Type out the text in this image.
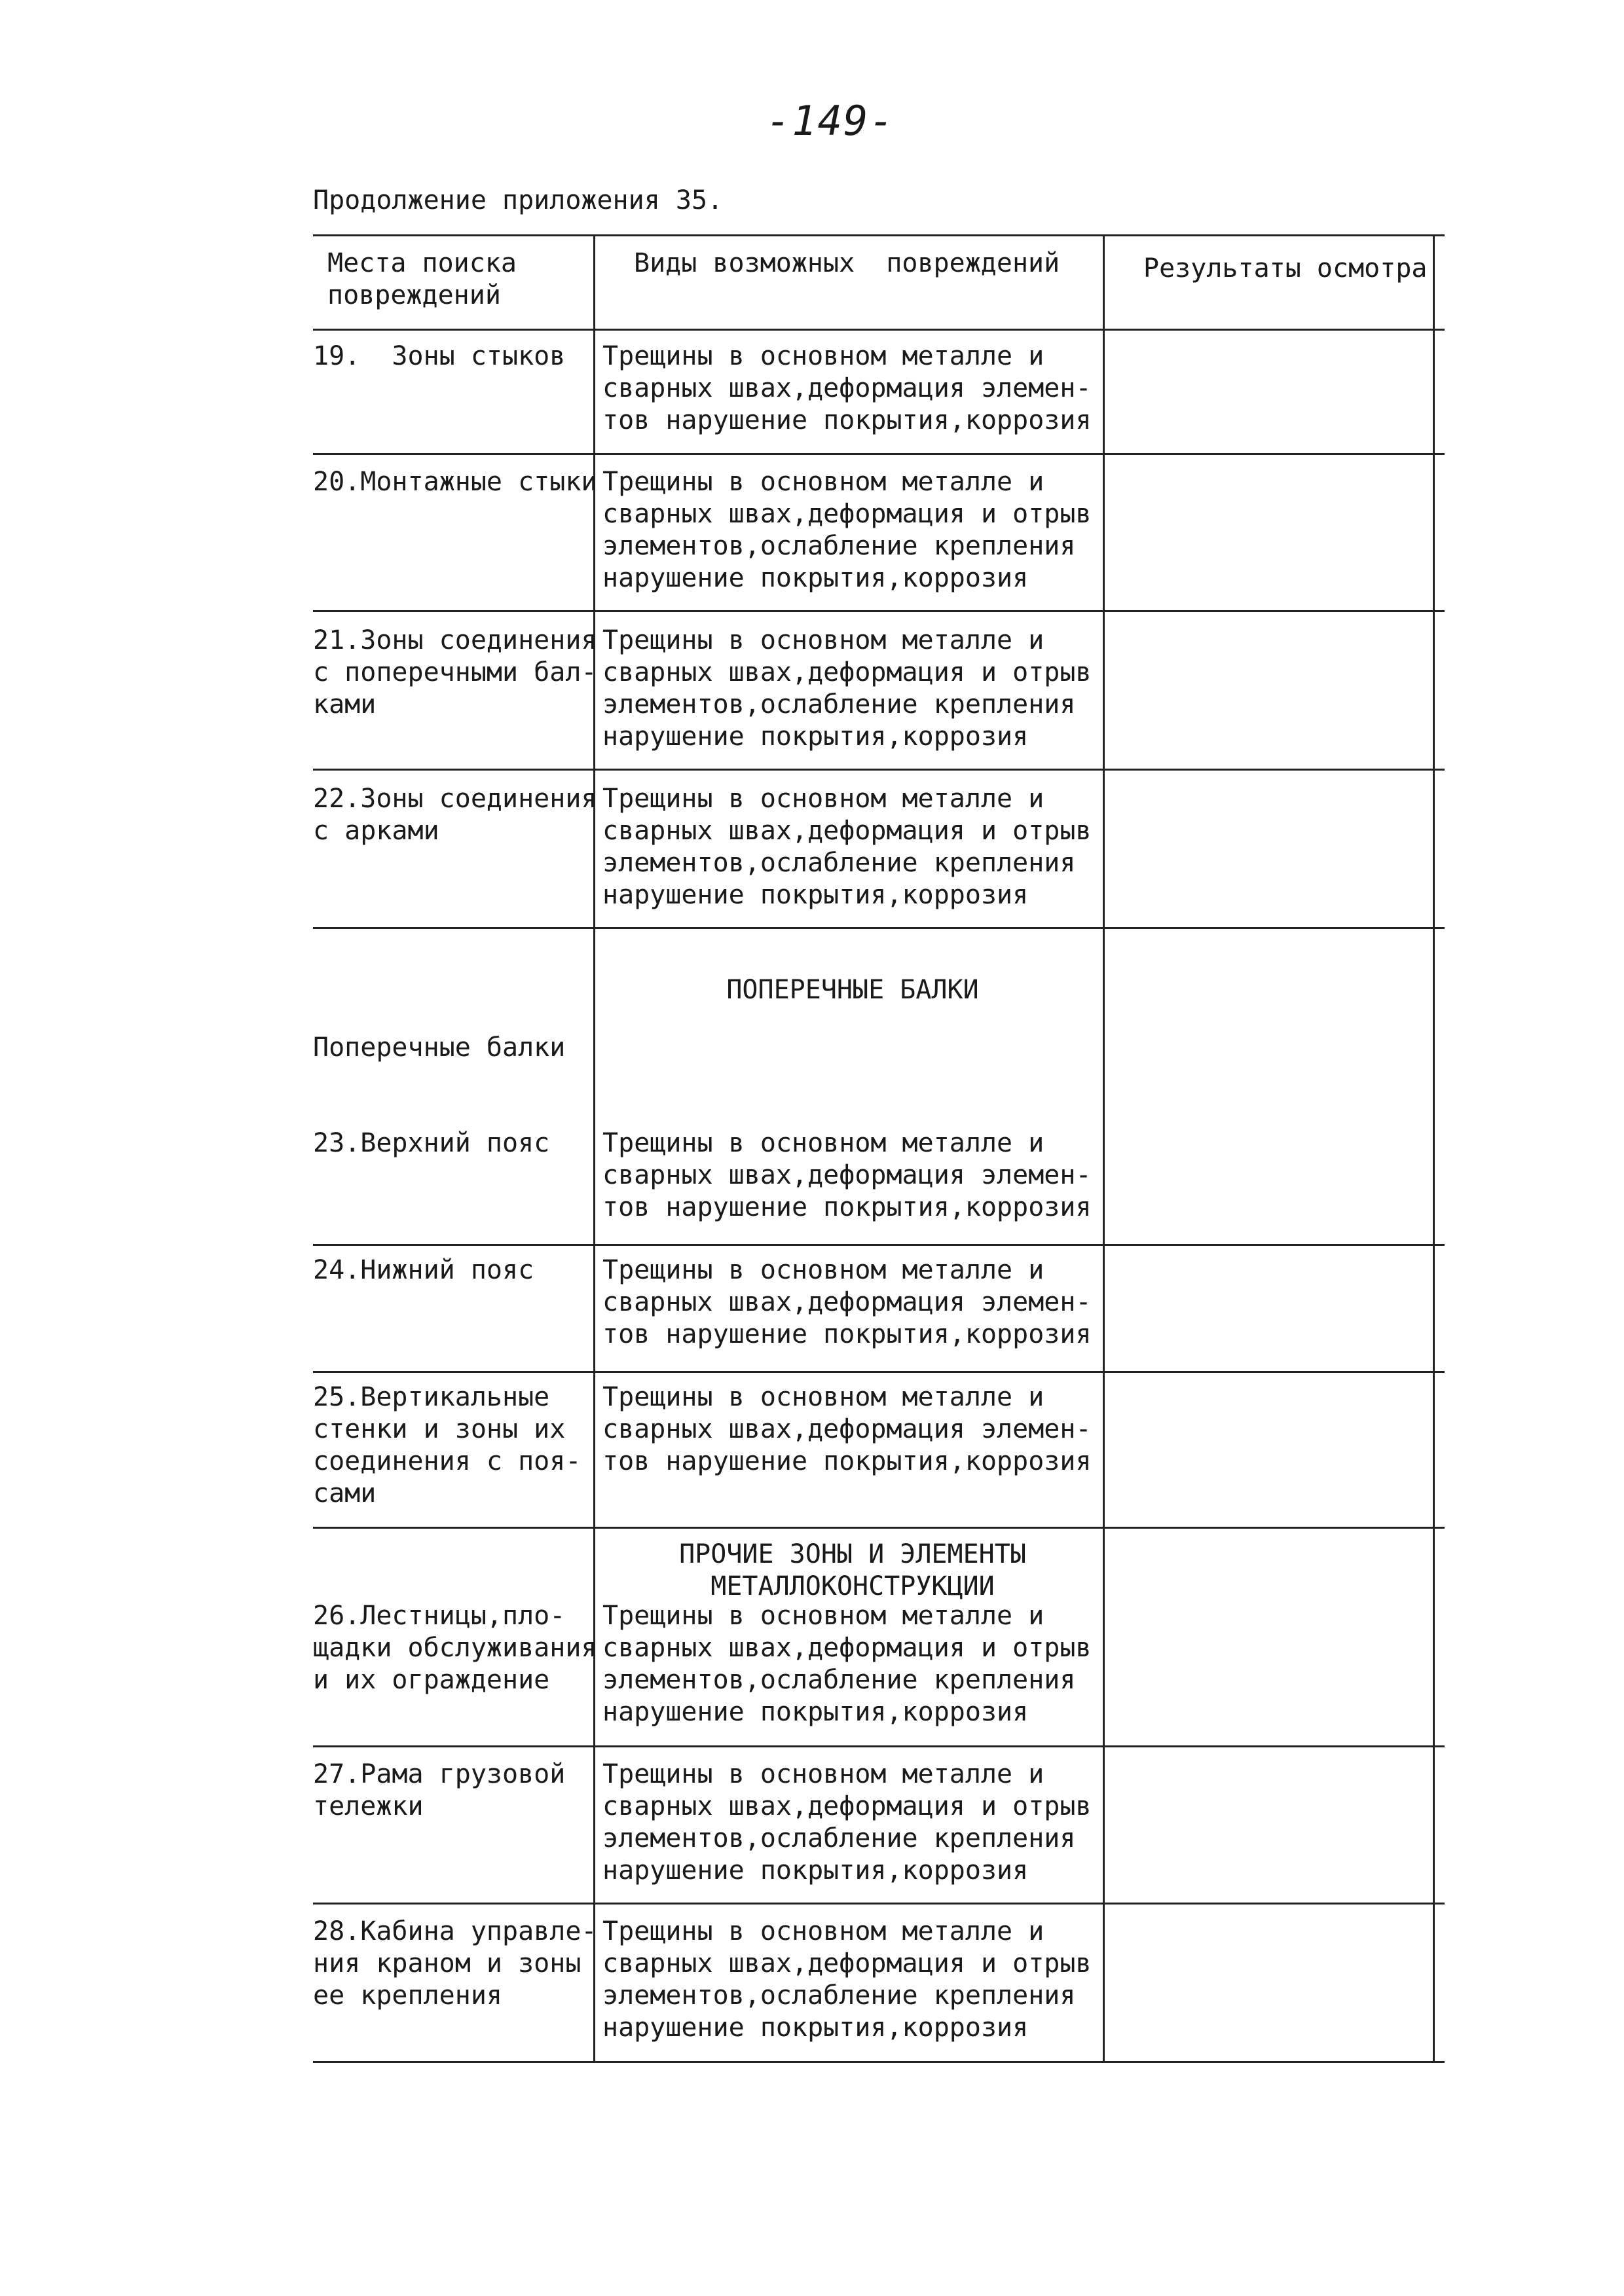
-149-
Продолжение приложения 35.
Места поиска
повреждений
Виды возможных  повреждений	Результаты осмотра
19.  Зоны стыков Трещины в основном металле и
сварных швах,деформация элемен-
тов нарушение покрытия,коррозия
20.Монтажные стыки Трещины в основном металле и
сварных швах,деформация и отрыв
элементов,ослабление крепления
нарушение покрытия,коррозия
21.Зоны соединения
с поперечными бал-
ками
Трещины в основном металле и
сварных швах,деформация и отрыв
элементов,ослабление крепления
нарушение покрытия,коррозия
22.Зоны соединения
с арками
Трещины в основном металле и
сварных швах,деформация и отрыв
элементов,ослабление крепления
нарушение покрытия,коррозия
ПОПЕРЕЧНЫЕ БАЛКИ
Поперечные балки
23.Верхний пояс Трещины в основном металле и
сварных швах,деформация элемен-
тов нарушение покрытия,коррозия
24.Нижний пояс	Трещины в основном металле и
сварных швах,деформация элемен-
тов нарушение покрытия,коррозия
25.Вертикальные
стенки и зоны их
соединения с поя-
сами
Трещины в основном металле и
сварных швах,деформация элемен-
тов нарушение покрытия,коррозия
ПРОЧИЕ ЗОНЫ И ЭЛЕМЕНТЫ
МЕТАЛЛОКОНСТРУКЦИИ
26.Лестницы,пло-
щадки обслуживания
и их ограждение
Трещины в основном металле и
сварных швах,деформация и отрыв
элементов,ослабление крепления
нарушение покрытия,коррозия
27.Рама грузовой
тележки
Трещины в основном металле и
сварных швах,деформация и отрыв
элементов,ослабление крепления
нарушение покрытия,коррозия
28.Кабина управле-
ния краном и зоны
ее крепления
Трещины в основном металле и
сварных швах,деформация и отрыв
элементов,ослабление крепления
нарушение покрытия,коррозия
